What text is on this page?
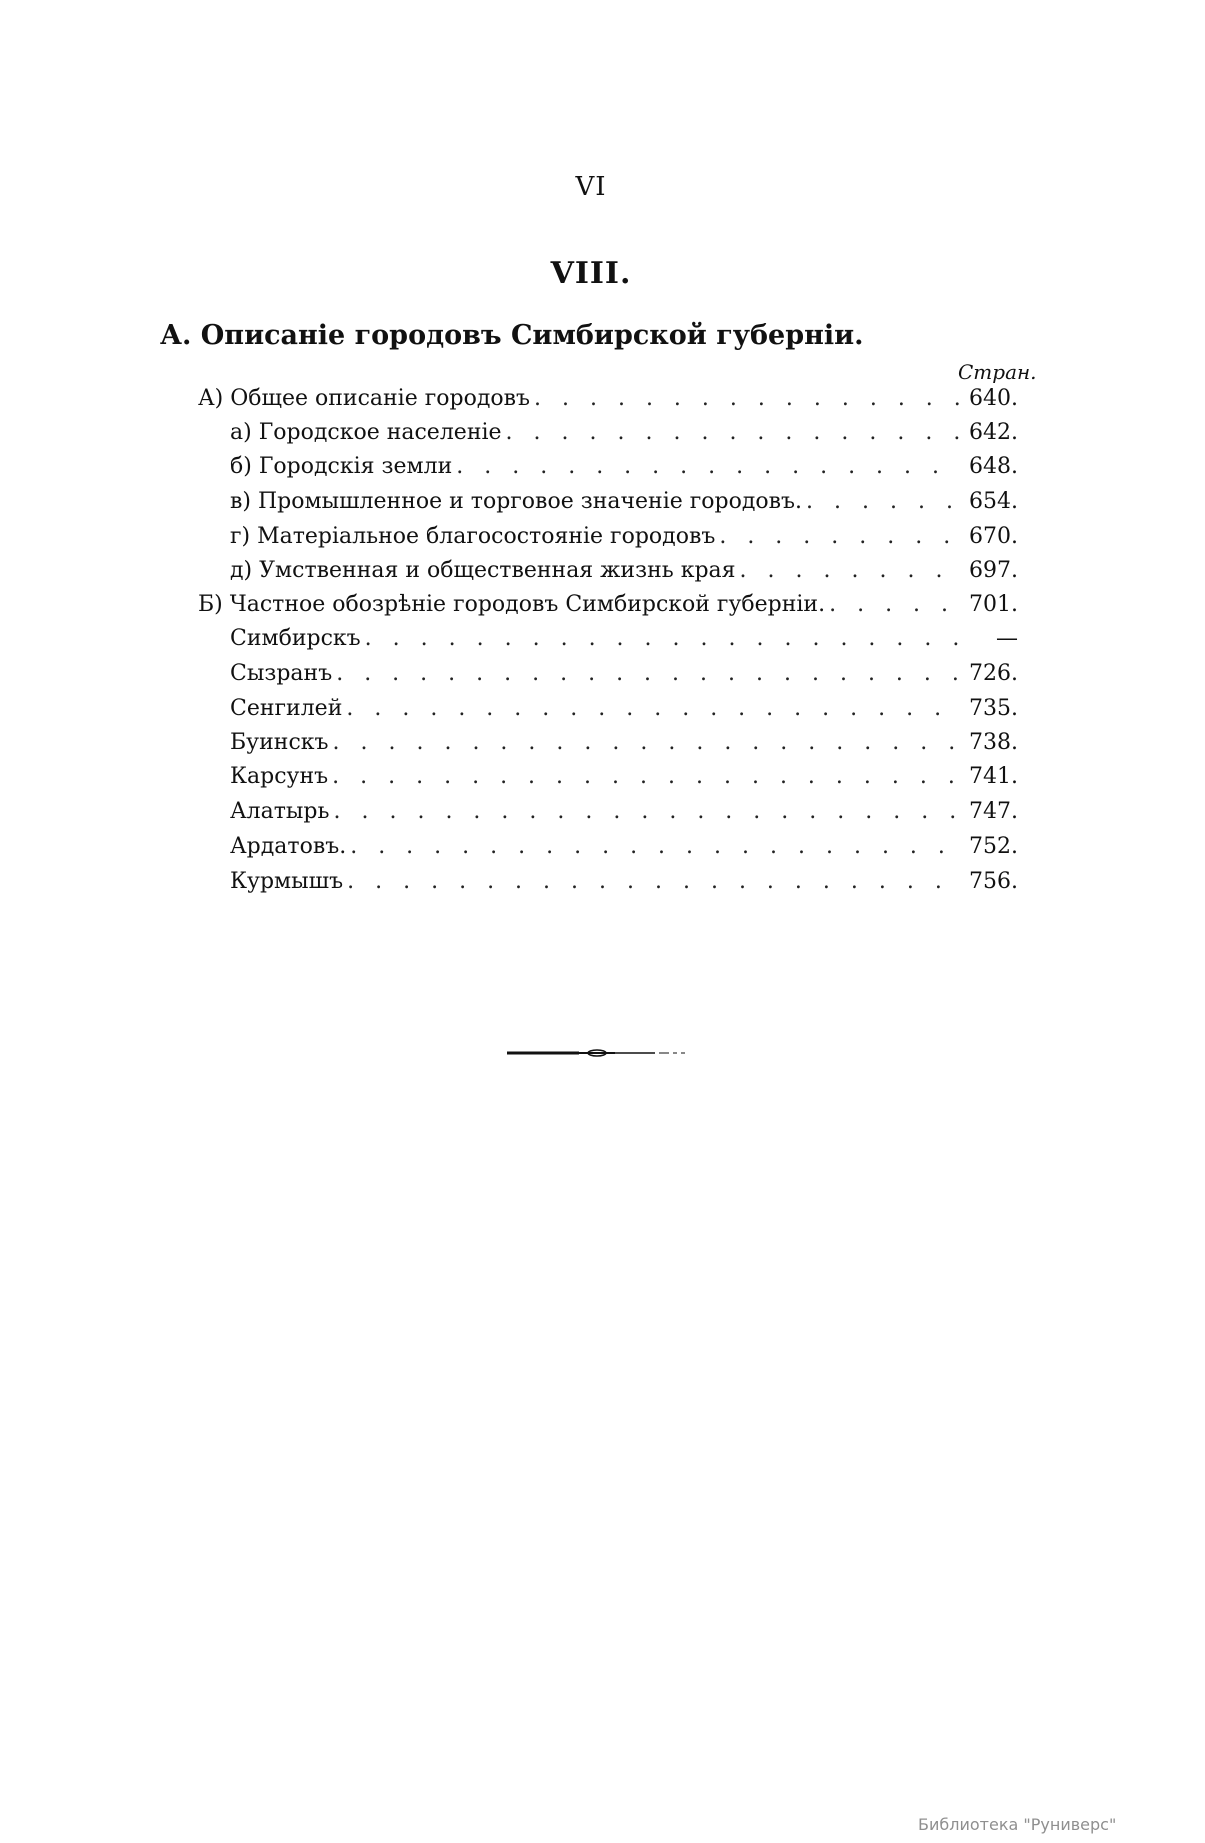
VI
VIII.
А. Описанiе городовъ Симбирской губернiи.
Стран.
А) Общее описанiе городовъ . . .	640.
а) Городское населенiе . . .	642.
б) Городскiя земли . . .	648.
в) Промышленное и торговое значенiе городовъ. . . .	654.
г) Матерiальное благосостоянiе городовъ . . .	670.
д) Умственная и общественная жизнь края . . .	697.
Б) Частное обозрѣнiе городовъ Симбирской губернiи. . . .	701.
Симбирскъ . . .	—
Сызранъ . . .	726.
Сенгилей . . .	735.
Буинскъ . . .	738.
Карсунъ . . .	741.
Алатырь . . .	747.
Ардатовъ. . . .	752.
Курмышъ . . .	756.
Библиотека "Руниверс"
